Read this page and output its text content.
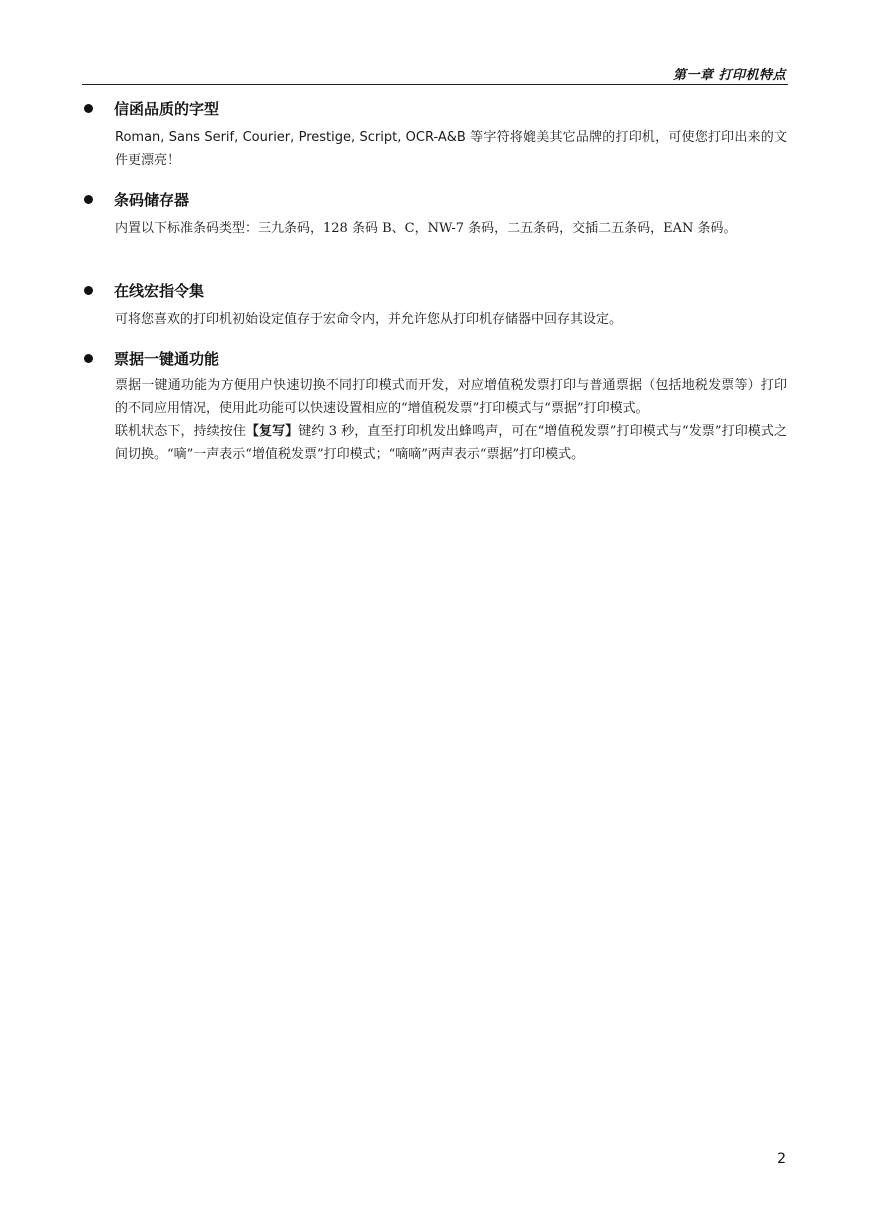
第一章 打印机特点
信函品质的字型

Roman, Sans Serif, Courier, Prestige, Script, OCR-A&B 等字符将媲美其它品牌的打印机，可使您打印出来的文件更漂亮！

条码储存器

内置以下标准条码类型：三九条码，128 条码 B、C，NW-7 条码，二五条码，交插二五条码，EAN 条码。

在线宏指令集

可将您喜欢的打印机初始设定值存于宏命令内，并允许您从打印机存储器中回存其设定。

票据一键通功能

票据一键通功能为方便用户快速切换不同打印模式而开发，对应增值税发票打印与普通票据（包括地税发票等）打印的不同应用情况，使用此功能可以快速设置相应的“增值税发票”打印模式与“票据”打印模式。

联机状态下，持续按住【复写】键约 3 秒，直至打印机发出蜂鸣声，可在“增值税发票”打印模式与“发票”打印模式之间切换。“嘀”一声表示“增值税发票”打印模式；“嘀嘀”两声表示“票据”打印模式。

2
